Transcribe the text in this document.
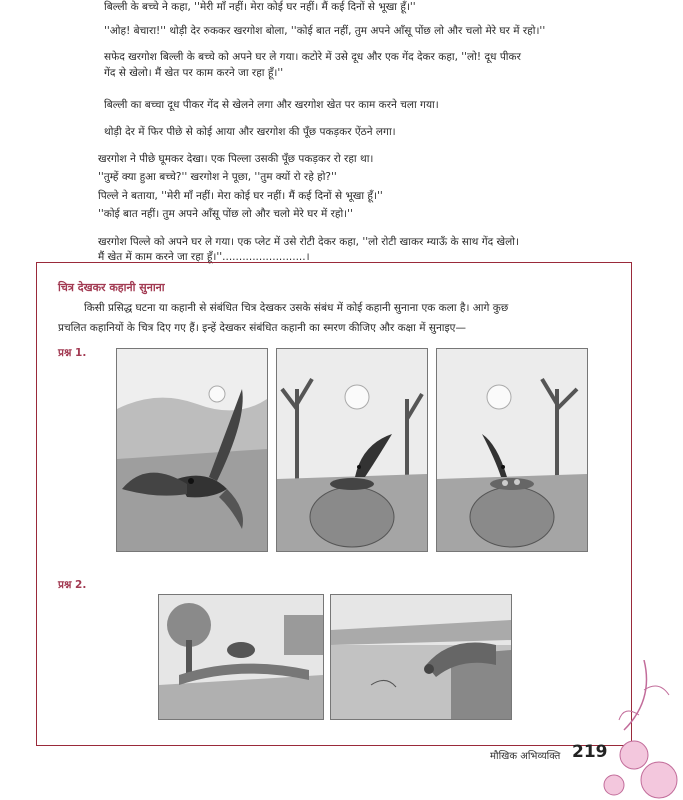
बिल्ली के बच्चे ने कहा, ''मेरी माँ नहीं। मेरा कोई घर नहीं। मैं कई दिनों से भूखा हूँ।''

''ओह! बेचारा!'' थोड़ी देर रुककर खरगोश बोला, ''कोई बात नहीं, तुम अपने आँसू पोंछ लो और चलो मेरे घर में रहो।''

सफेद खरगोश बिल्ली के बच्चे को अपने घर ले गया। कटोरे में उसे दूध और एक गेंद देकर कहा, ''लो! दूध पीकर

गेंद से खेलो। मैं खेत पर काम करने जा रहा हूँ।''

बिल्ली का बच्चा दूध पीकर गेंद से खेलने लगा और खरगोश खेत पर काम करने चला गया।

थोड़ी देर में फिर पीछे से कोई आया और खरगोश की पूँछ पकड़कर ऐंठने लगा।

खरगोश ने पीछे घूमकर देखा। एक पिल्ला उसकी पूँछ पकड़कर रो रहा था।

''तुम्हें क्या हुआ बच्चे?'' खरगोश ने पूछा, ''तुम क्यों रो रहे हो?''

पिल्ले ने बताया, ''मेरी माँ नहीं। मेरा कोई घर नहीं। मैं कई दिनों से भूखा हूँ।''

''कोई बात नहीं। तुम अपने आँसू पोंछ लो और चलो मेरे घर में रहो।''

खरगोश पिल्ले को अपने घर ले गया। एक प्लेट में उसे रोटी देकर कहा, ''लो रोटी खाकर म्याऊँ के साथ गेंद खेलो।

मैं खेत में काम करने जा रहा हूँ।''.........................।

चित्र देखकर कहानी सुनाना

किसी प्रसिद्ध घटना या कहानी से संबंधित चित्र देखकर उसके संबंध में कोई कहानी सुनाना एक कला है। आगे कुछ

प्रचलित कहानियों के चित्र दिए गए हैं। इन्हें देखकर संबंधित कहानी का स्मरण कीजिए और कक्षा में सुनाइए—

प्रश्न 1.
प्रश्न 2.
मौखिक अभिव्यक्ति 219
